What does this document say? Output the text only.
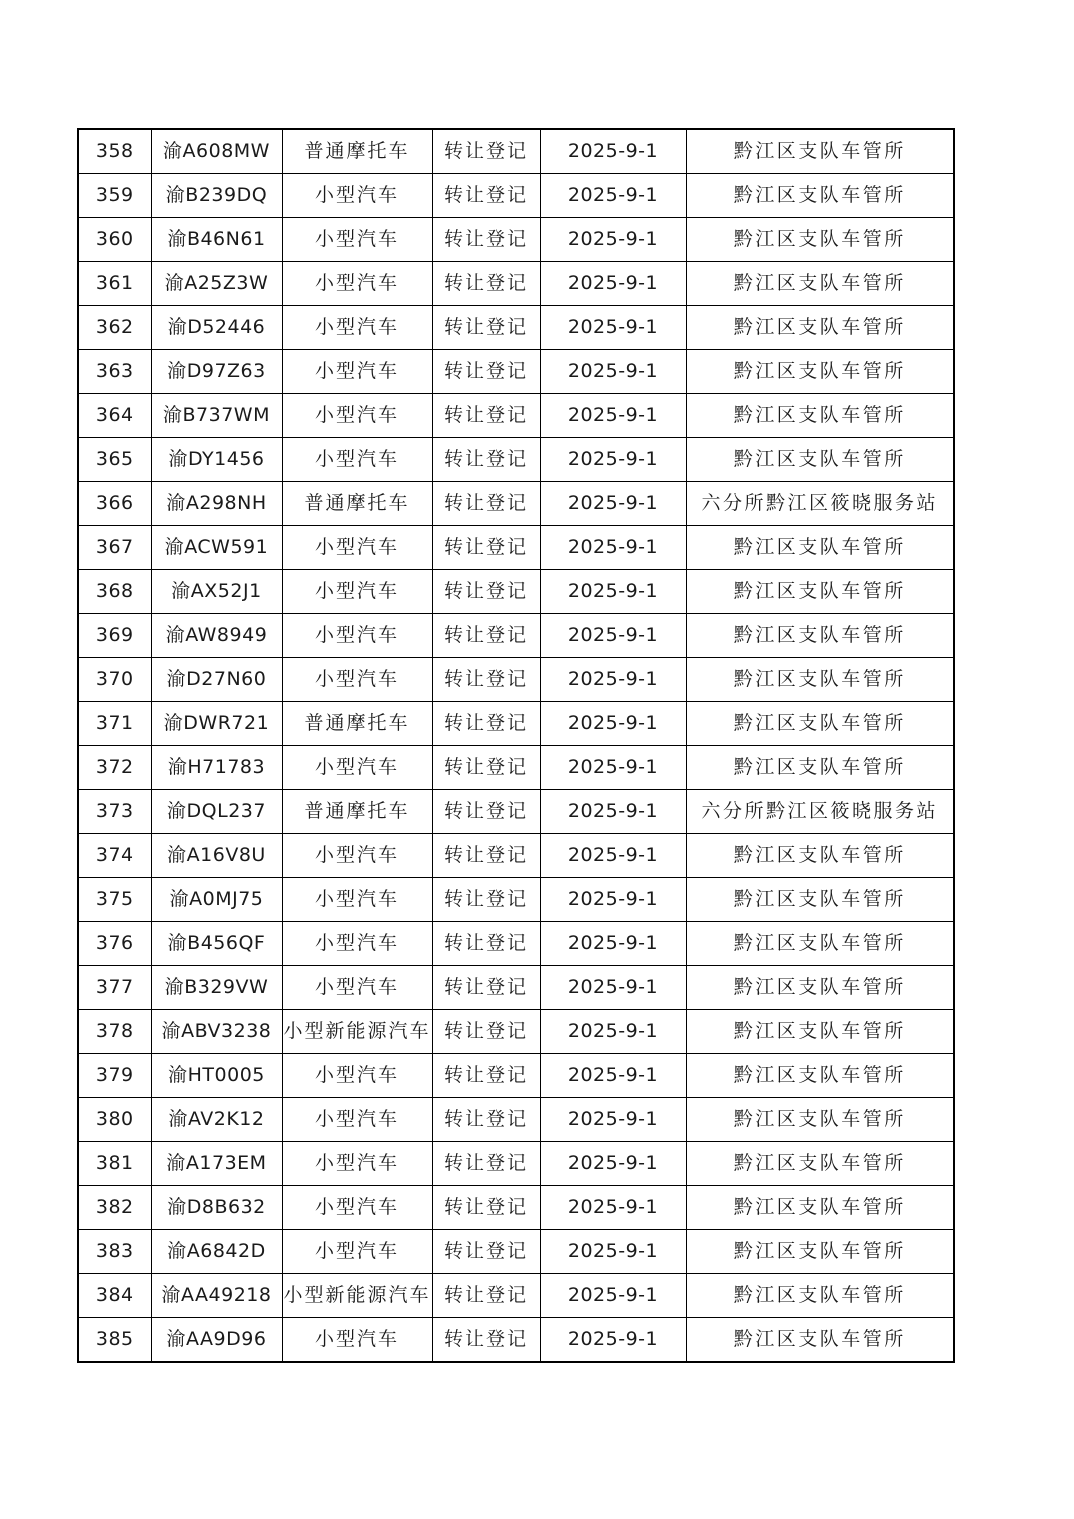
358	渝A608MW	普通摩托车	转让登记	2025-9-1	黔江区支队车管所
359	渝B239DQ	小型汽车	转让登记	2025-9-1	黔江区支队车管所
360	渝B46N61	小型汽车	转让登记	2025-9-1	黔江区支队车管所
361	渝A25Z3W	小型汽车	转让登记	2025-9-1	黔江区支队车管所
362	渝D52446	小型汽车	转让登记	2025-9-1	黔江区支队车管所
363	渝D97Z63	小型汽车	转让登记	2025-9-1	黔江区支队车管所
364	渝B737WM	小型汽车	转让登记	2025-9-1	黔江区支队车管所
365	渝DY1456	小型汽车	转让登记	2025-9-1	黔江区支队车管所
366	渝A298NH	普通摩托车	转让登记	2025-9-1	六分所黔江区筱晓服务站
367	渝ACW591	小型汽车	转让登记	2025-9-1	黔江区支队车管所
368	渝AX52J1	小型汽车	转让登记	2025-9-1	黔江区支队车管所
369	渝AW8949	小型汽车	转让登记	2025-9-1	黔江区支队车管所
370	渝D27N60	小型汽车	转让登记	2025-9-1	黔江区支队车管所
371	渝DWR721	普通摩托车	转让登记	2025-9-1	黔江区支队车管所
372	渝H71783	小型汽车	转让登记	2025-9-1	黔江区支队车管所
373	渝DQL237	普通摩托车	转让登记	2025-9-1	六分所黔江区筱晓服务站
374	渝A16V8U	小型汽车	转让登记	2025-9-1	黔江区支队车管所
375	渝A0MJ75	小型汽车	转让登记	2025-9-1	黔江区支队车管所
376	渝B456QF	小型汽车	转让登记	2025-9-1	黔江区支队车管所
377	渝B329VW	小型汽车	转让登记	2025-9-1	黔江区支队车管所
378	渝ABV3238	小型新能源汽车	转让登记	2025-9-1	黔江区支队车管所
379	渝HT0005	小型汽车	转让登记	2025-9-1	黔江区支队车管所
380	渝AV2K12	小型汽车	转让登记	2025-9-1	黔江区支队车管所
381	渝A173EM	小型汽车	转让登记	2025-9-1	黔江区支队车管所
382	渝D8B632	小型汽车	转让登记	2025-9-1	黔江区支队车管所
383	渝A6842D	小型汽车	转让登记	2025-9-1	黔江区支队车管所
384	渝AA49218	小型新能源汽车	转让登记	2025-9-1	黔江区支队车管所
385	渝AA9D96	小型汽车	转让登记	2025-9-1	黔江区支队车管所
